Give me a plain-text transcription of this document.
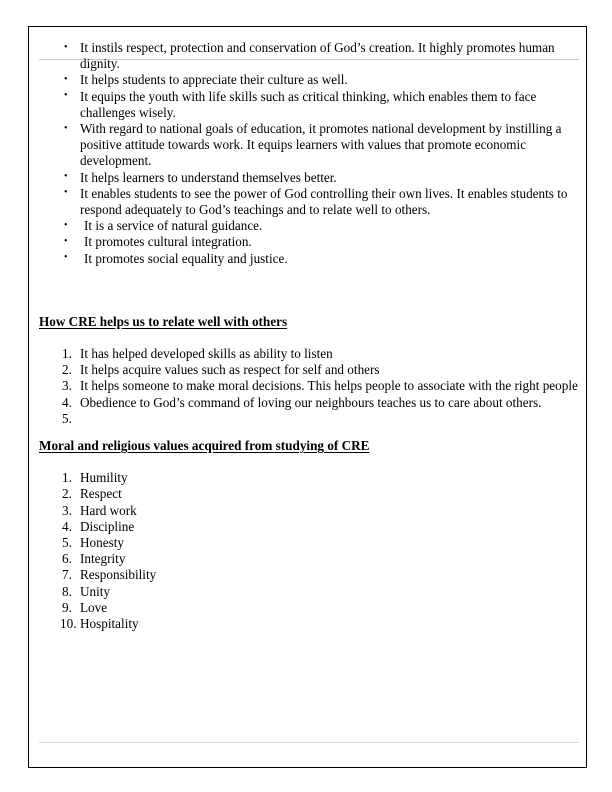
• It instils respect, protection and conservation of God’s creation. It highly promotes human dignity.
• It helps students to appreciate their culture as well.
• It equips the youth with life skills such as critical thinking, which enables them to face challenges wisely.
• With regard to national goals of education, it promotes national development by instilling a positive attitude towards work. It equips learners with values that promote economic development.
• It helps learners to understand themselves better.
• It enables students to see the power of God controlling their own lives. It enables students to respond adequately to God’s teachings and to relate well to others.
• It is a service of natural guidance.
• It promotes cultural integration.
• It promotes social equality and justice.
How CRE helps us to relate well with others
1. It has helped developed skills as ability to listen
2. It helps acquire values such as respect for self and others
3. It helps someone to make moral decisions. This helps people to associate with the right people
4. Obedience to God’s command of loving our neighbours teaches us to care about others.
5.
Moral and religious values acquired from studying of CRE
1. Humility
2. Respect
3. Hard work
4. Discipline
5. Honesty
6. Integrity
7. Responsibility
8. Unity
9. Love
10. Hospitality
